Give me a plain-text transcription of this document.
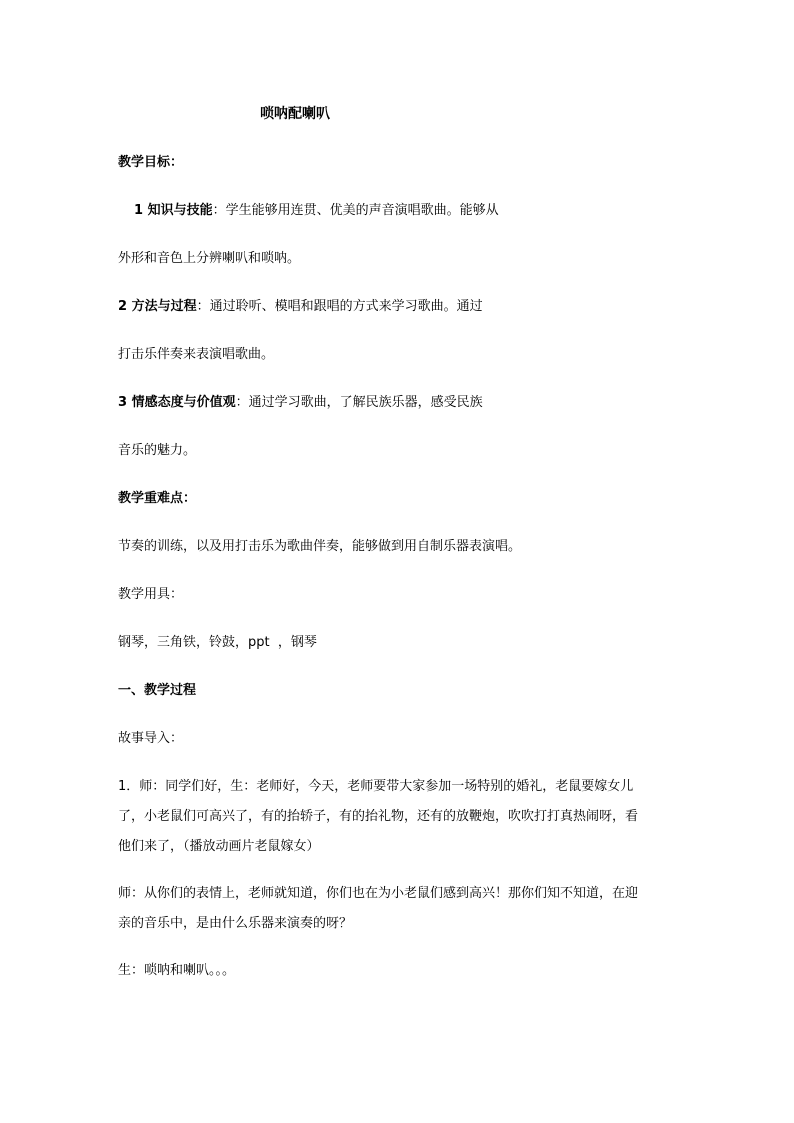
唢呐配喇叭
教学目标：
1 知识与技能：学生能够用连贯、优美的声音演唱歌曲。能够从
外形和音色上分辨喇叭和唢呐。
2 方法与过程：通过聆听、模唱和跟唱的方式来学习歌曲。通过
打击乐伴奏来表演唱歌曲。
3 情感态度与价值观：通过学习歌曲，了解民族乐器，感受民族
音乐的魅力。
教学重难点：
节奏的训练，以及用打击乐为歌曲伴奏，能够做到用自制乐器表演唱。
教学用具：
钢琴，三角铁，铃鼓，ppt  ，钢琴
一、教学过程
故事导入：
1．师：同学们好，生：老师好，今天，老师要带大家参加一场特别的婚礼，老鼠要嫁女儿
了，小老鼠们可高兴了，有的抬轿子，有的抬礼物，还有的放鞭炮，吹吹打打真热闹呀，看
他们来了，（播放动画片老鼠嫁女）
师：从你们的表情上，老师就知道，你们也在为小老鼠们感到高兴！那你们知不知道，在迎
亲的音乐中，是由什么乐器来演奏的呀？
生：唢呐和喇叭。。。
